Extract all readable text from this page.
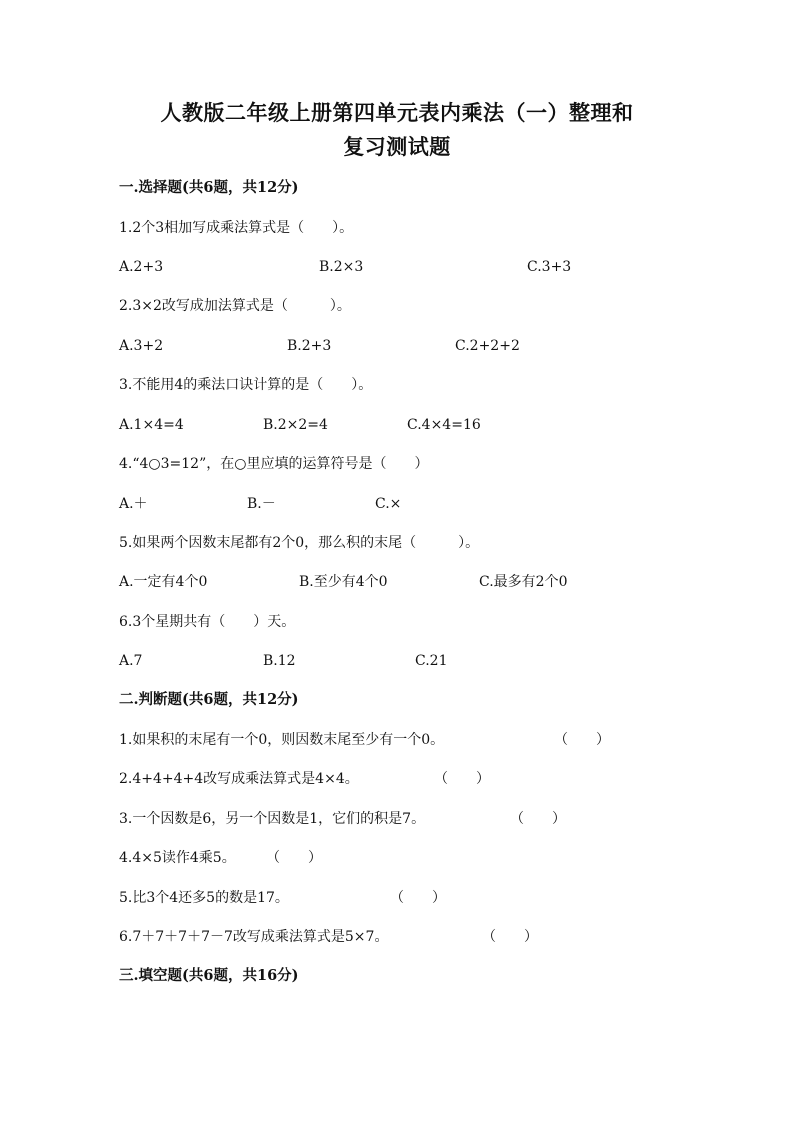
人教版二年级上册第四单元表内乘法（一）整理和
复习测试题
一.选择题(共6题，共12分)
1.2个3相加写成乘法算式是（　　）。
A.2+3	B.2×3	C.3+3
2.3×2改写成加法算式是（　　　）。
A.3+2	B.2+3	C.2+2+2
3.不能用4的乘法口诀计算的是（　　）。
A.1×4=4	B.2×2=4	C.4×4=16
4.“4○3=12”，在○里应填的运算符号是（　　）
A.＋	B.－	C.×
5.如果两个因数末尾都有2个0，那么积的末尾（　　　）。
A.一定有4个0	B.至少有4个0	C.最多有2个0
6.3个星期共有（　　）天。
A.7	B.12	C.21
二.判断题(共6题，共12分)
1.如果积的末尾有一个0，则因数末尾至少有一个0。	（　　）
2.4+4+4+4改写成乘法算式是4×4。	（　　）
3.一个因数是6，另一个因数是1，它们的积是7。	（　　）
4.4×5读作4乘5。 （　　）
5.比3个4还多5的数是17。	（　　）
6.7＋7＋7＋7－7改写成乘法算式是5×7。	（　　）
三.填空题(共6题，共16分)
